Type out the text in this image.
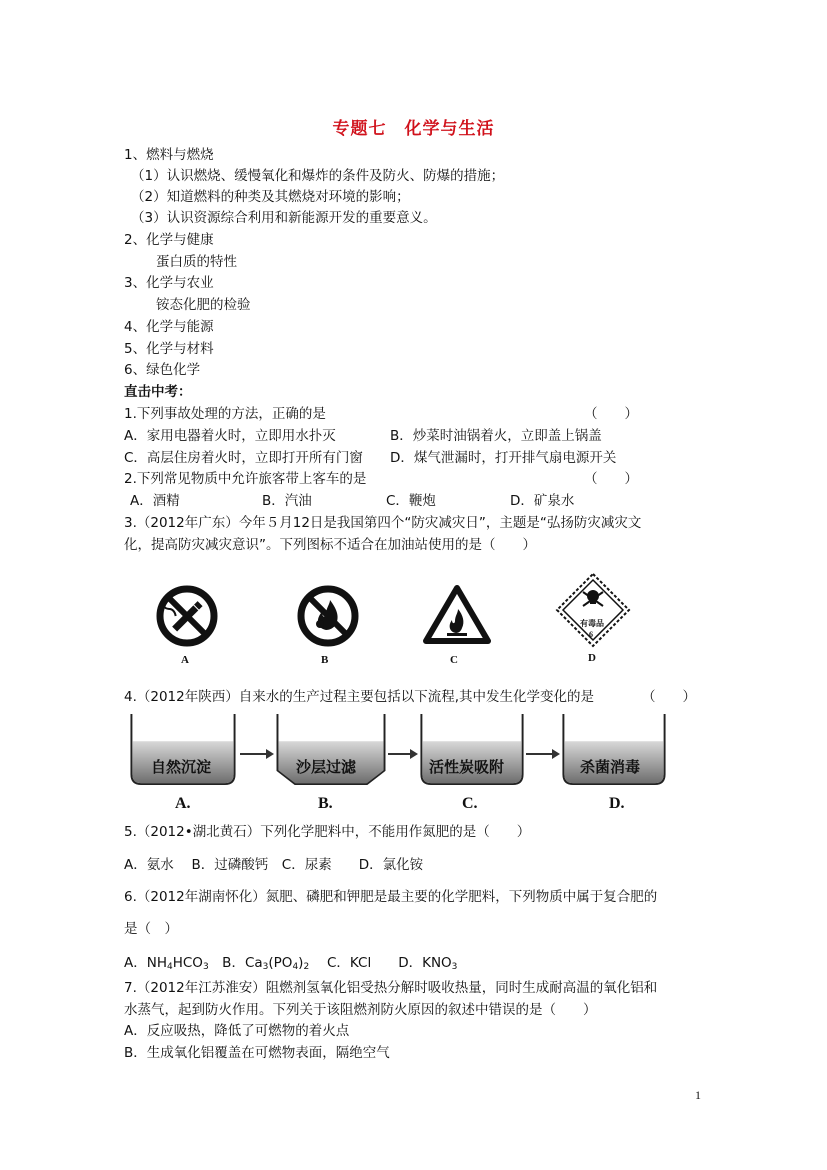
专题七　化学与生活
1、燃料与燃烧
（1）认识燃烧、缓慢氧化和爆炸的条件及防火、防爆的措施；
（2）知道燃料的种类及其燃烧对环境的影响；
（3）认识资源综合利用和新能源开发的重要意义。
2、化学与健康
蛋白质的特性
3、化学与农业
铵态化肥的检验
4、化学与能源
5、化学与材料
6、绿色化学
直击中考：
1.下列事故处理的方法，正确的是	（　　）
A．家用电器着火时，立即用水扑灭	B．炒菜时油锅着火，立即盖上锅盖
C．高层住房着火时，立即打开所有门窗 D．煤气泄漏时，打开排气扇电源开关
2.下列常见物质中允许旅客带上客车的是	（　　）
A．酒精	B．汽油	C．鞭炮	D．矿泉水
3.（2012年广东）今年５月12日是我国第四个“防灾减灾日”，主题是“弘扬防灾减灾文
化，提高防灾减灾意识”。下列图标不适合在加油站使用的是（　　）
A	B	C
有毒品
6
D
4.（2012年陕西）自来水的生产过程主要包括以下流程,其中发生化学变化的是	（　　）
自然沉淀	沙层过滤	活性炭吸附	杀菌消毒
A.	B.	C.	D.
5.（2012•湖北黄石）下列化学肥料中，不能用作氮肥的是（　　）
A．氨水　 B．过磷酸钙　C．尿素　　D．氯化铵
6.（2012年湖南怀化）氮肥、磷肥和钾肥是最主要的化学肥料，下列物质中属于复合肥的
是（　）
A．$NH_4HCO_3$　B．$Ca_3(PO_4)_2$　 C．KCl　　D．$KNO_3$
7.（2012年江苏淮安）阻燃剂氢氧化铝受热分解时吸收热量，同时生成耐高温的氧化铝和
水蒸气，起到防火作用。下列关于该阻燃剂防火原因的叙述中错误的是（　　）
A．反应吸热，降低了可燃物的着火点
B．生成氧化铝覆盖在可燃物表面，隔绝空气
1
